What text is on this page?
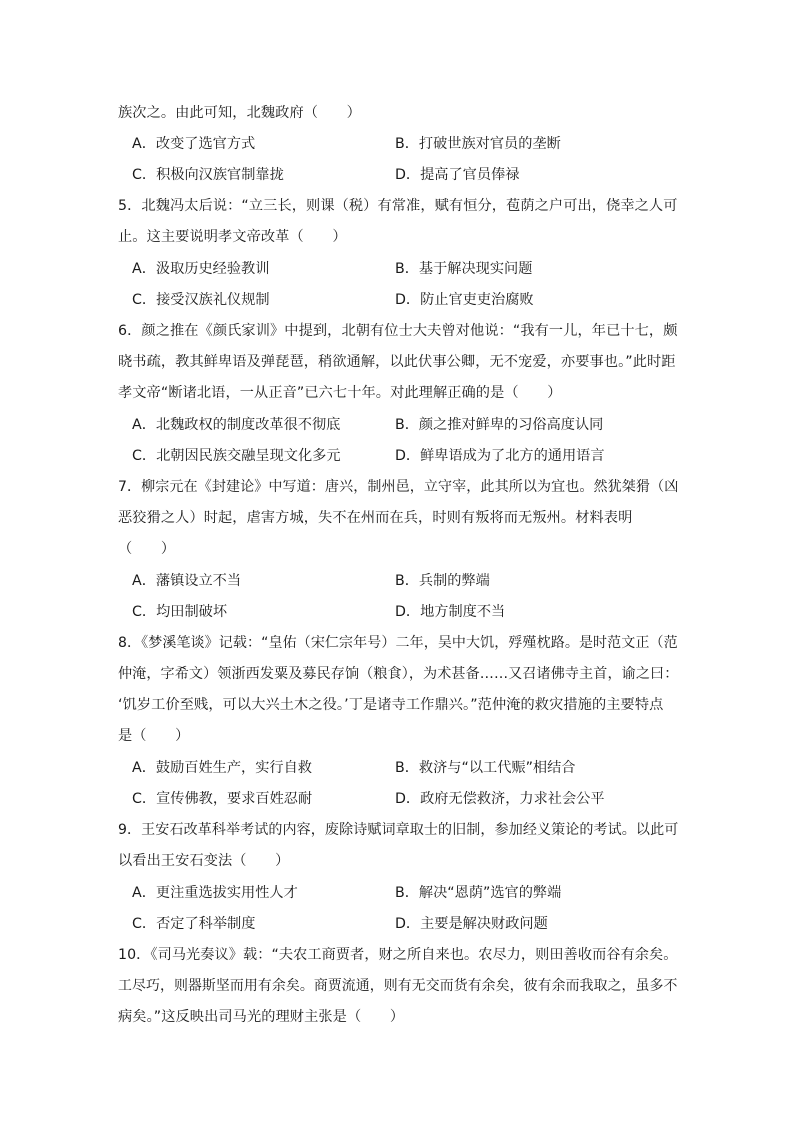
族次之。由此可知，北魏政府（　　）
A．改变了选官方式	B．打破世族对官员的垄断
C．积极向汉族官制靠拢	D．提高了官员俸禄
5．北魏冯太后说：“立三长，则课（税）有常准，赋有恒分，苞荫之户可出，侥幸之人可
止。这主要说明孝文帝改革（　　）
A．汲取历史经验教训	B．基于解决现实问题
C．接受汉族礼仪规制	D．防止官吏吏治腐败
6．颜之推在《颜氏家训》中提到，北朝有位士大夫曾对他说：“我有一儿，年已十七，颇
晓书疏，教其鲜卑语及弹琵琶，稍欲通解，以此伏事公卿，无不宠爱，亦要事也。”此时距
孝文帝“断诸北语，一从正音”已六七十年。对此理解正确的是（　　）
A．北魏政权的制度改革很不彻底	B．颜之推对鲜卑的习俗高度认同
C．北朝因民族交融呈现文化多元	D．鲜卑语成为了北方的通用语言
7．柳宗元在《封建论》中写道：唐兴，制州邑，立守宰，此其所以为宜也。然犹桀猾（凶
恶狡猾之人）时起，虐害方城，失不在州而在兵，时则有叛将而无叛州。材料表明
（　　）
A．藩镇设立不当	B．兵制的弊端
C．均田制破坏	D．地方制度不当
8．《梦溪笔谈》记载：“皇佑（宋仁宗年号）二年，吴中大饥，殍殣枕路。是时范文正（范
仲淹，字希文）领浙西发粟及募民存饷（粮食），为术甚备……又召诸佛寺主首，谕之曰：
‘饥岁工价至贱，可以大兴土木之役。’丁是诸寺工作鼎兴。”范仲淹的救灾措施的主要特点
是（　　）
A．鼓励百姓生产，实行自救	B．救济与“以工代赈”相结合
C．宣传佛教，要求百姓忍耐	D．政府无偿救济，力求社会公平
9．王安石改革科举考试的内容，废除诗赋词章取士的旧制，参加经义策论的考试。以此可
以看出王安石变法（　　）
A．更注重选拔实用性人才	B．解决“恩荫”选官的弊端
C．否定了科举制度	D．主要是解决财政问题
10．《司马光奏议》载：“夫农工商贾者，财之所自来也。农尽力，则田善收而谷有余矣。
工尽巧，则器斯坚而用有余矣。商贾流通，则有无交而货有余矣，彼有余而我取之，虽多不
病矣。”这反映出司马光的理财主张是（　　）
